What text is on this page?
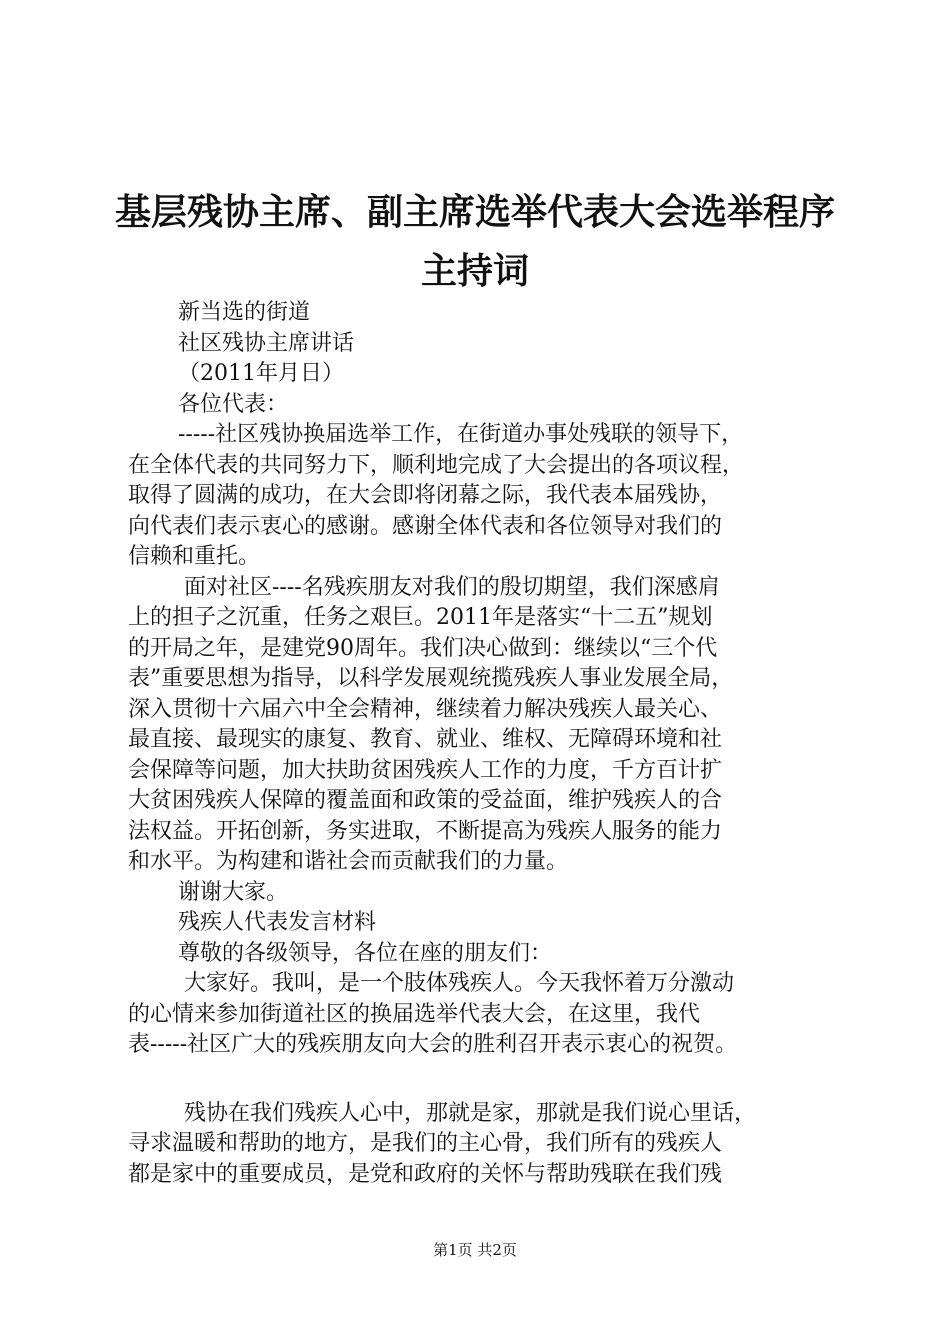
基层残协主席、副主席选举代表大会选举程序
主持词
新当选的街道
社区残协主席讲话
（2011年月日）
各位代表：
-----社区残协换届选举工作，在街道办事处残联的领导下，
在全体代表的共同努力下，顺利地完成了大会提出的各项议程，
取得了圆满的成功，在大会即将闭幕之际，我代表本届残协，
向代表们表示衷心的感谢。感谢全体代表和各位领导对我们的
信赖和重托。
面对社区----名残疾朋友对我们的殷切期望，我们深感肩
上的担子之沉重，任务之艰巨。2011年是落实“十二五”规划
的开局之年，是建党90周年。我们决心做到：继续以“三个代
表”重要思想为指导，以科学发展观统揽残疾人事业发展全局，
深入贯彻十六届六中全会精神，继续着力解决残疾人最关心、
最直接、最现实的康复、教育、就业、维权、无障碍环境和社
会保障等问题，加大扶助贫困残疾人工作的力度，千方百计扩
大贫困残疾人保障的覆盖面和政策的受益面，维护残疾人的合
法权益。开拓创新，务实进取，不断提高为残疾人服务的能力
和水平。为构建和谐社会而贡献我们的力量。
谢谢大家。
残疾人代表发言材料
尊敬的各级领导，各位在座的朋友们：
大家好。我叫，是一个肢体残疾人。今天我怀着万分激动
的心情来参加街道社区的换届选举代表大会，在这里，我代
表-----社区广大的残疾朋友向大会的胜利召开表示衷心的祝贺。
残协在我们残疾人心中，那就是家，那就是我们说心里话，
寻求温暖和帮助的地方，是我们的主心骨，我们所有的残疾人
都是家中的重要成员，是党和政府的关怀与帮助残联在我们残
第1页 共2页
